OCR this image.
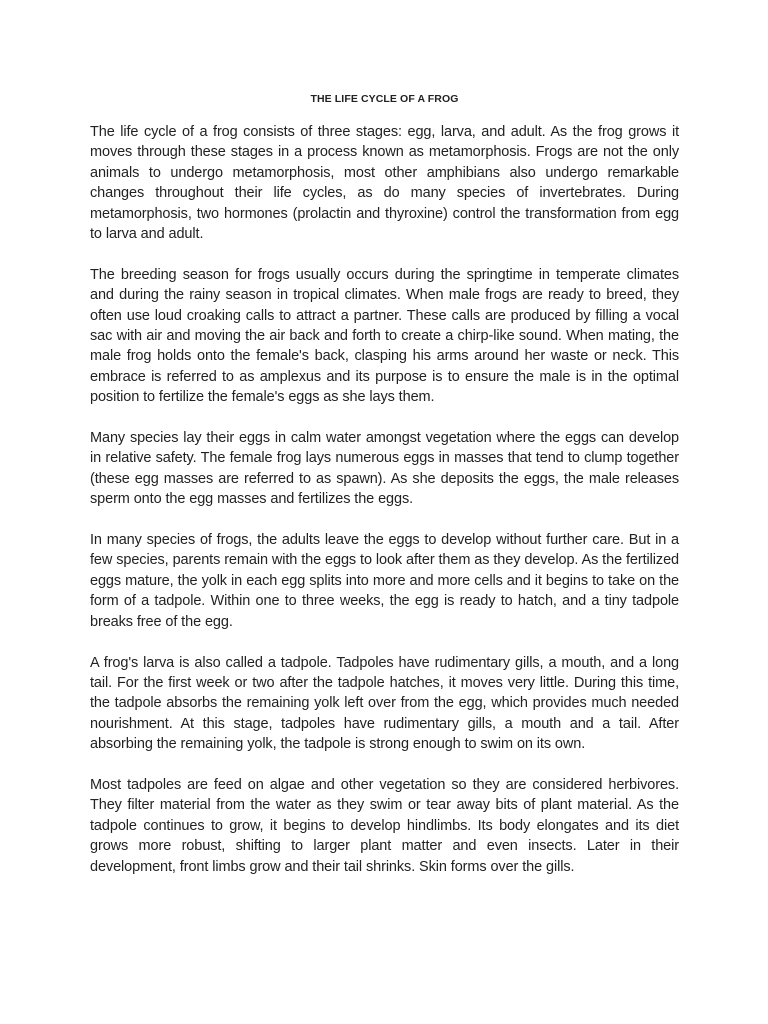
THE LIFE CYCLE OF A FROG

The life cycle of a frog consists of three stages: egg, larva, and adult. As the frog grows it moves through these stages in a process known as metamorphosis. Frogs are not the only animals to undergo metamorphosis, most other amphibians also undergo remarkable changes throughout their life cycles, as do many species of invertebrates. During metamorphosis, two hormones (prolactin and thyroxine) control the transformation from egg to larva and adult.

The breeding season for frogs usually occurs during the springtime in temperate climates and during the rainy season in tropical climates. When male frogs are ready to breed, they often use loud croaking calls to attract a partner. These calls are produced by filling a vocal sac with air and moving the air back and forth to create a chirp-like sound. When mating, the male frog holds onto the female's back, clasping his arms around her waste or neck. This embrace is referred to as amplexus and its purpose is to ensure the male is in the optimal position to fertilize the female's eggs as she lays them.

Many species lay their eggs in calm water amongst vegetation where the eggs can develop in relative safety. The female frog lays numerous eggs in masses that tend to clump together (these egg masses are referred to as spawn). As she deposits the eggs, the male releases sperm onto the egg masses and fertilizes the eggs.

In many species of frogs, the adults leave the eggs to develop without further care. But in a few species, parents remain with the eggs to look after them as they develop. As the fertilized eggs mature, the yolk in each egg splits into more and more cells and it begins to take on the form of a tadpole. Within one to three weeks, the egg is ready to hatch, and a tiny tadpole breaks free of the egg.

A frog's larva is also called a tadpole. Tadpoles have rudimentary gills, a mouth, and a long tail. For the first week or two after the tadpole hatches, it moves very little. During this time, the tadpole absorbs the remaining yolk left over from the egg, which provides much needed nourishment. At this stage, tadpoles have rudimentary gills, a mouth and a tail. After absorbing the remaining yolk, the tadpole is strong enough to swim on its own.

Most tadpoles are feed on algae and other vegetation so they are considered herbivores. They filter material from the water as they swim or tear away bits of plant material. As the tadpole continues to grow, it begins to develop hindlimbs. Its body elongates and its diet grows more robust, shifting to larger plant matter and even insects. Later in their development, front limbs grow and their tail shrinks. Skin forms over the gills.
